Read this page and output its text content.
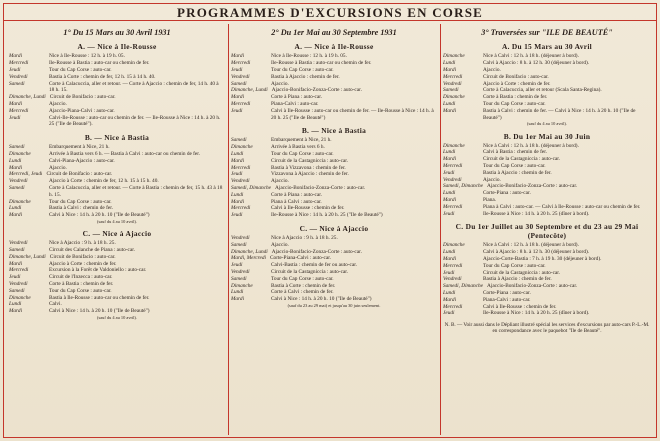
PROGRAMMES D'EXCURSIONS EN CORSE
1° Du 15 Mars au 30 Avril 1931
A. — Nice à Ile-Rousse
Mardi	Nice à Ile-Rousse : 12 h. à 19 h. 05.
Mercredi	Ile-Rousse à Bastia : auto-car ou chemin de fer.
Jeudi	Tour du Cap Corse : auto-car.
Vendredi	Bastia à Corte : chemin de fer, 12 h. 15 à 14 h. 40.
Samedi	Corte à Calacuccia, aller et retour. — Corte à Ajaccio : chemin de fer, 14 h. 40 à 18 h. 15.
Dimanche, Lundi Circuit de Bonifacio : auto-car.
Mardi	Ajaccio.
Mercredi	Ajaccio-Piana-Calvi : auto-car.
Jeudi	Calvi-Ile-Rousse : auto-car ou chemin de fer. — Ile-Rousse à Nice : 14 h. à 20 h. 25 ("Ile de Beauté").
B. — Nice à Bastia
Samedi	Embarquement à Nice, 21 h.
Dimanche	Arrivée à Bastia vers 6 h. — Bastia à Calvi : auto-car ou chemin de fer.
Lundi	Calvi-Piana-Ajaccio : auto-car.
Mardi	Ajaccio.
Mercredi, Jeudi Circuit de Bonifacio : auto-car.
Vendredi	Ajaccio à Corte : chemin de fer, 12 h. 15 à 15 h. 40.
Samedi	Corte à Calacuccia, aller et retour. — Corte à Bastia : chemin de fer, 15 h. 43 à 18 h. 15.
Dimanche	Tour du Cap Corse : auto-car.
Lundi	Bastia à Calvi : chemin de fer.
Mardi	Calvi à Nice : 14 h. à 20 h. 10 ("Ile de Beauté")
(sauf du 4 au 10 avril).
C. — Nice à Ajaccio
Vendredi	Nice à Ajaccio : 9 h. à 18 h. 25.
Samedi	Circuit des Calanche de Piana : auto-car.
Dimanche, Lundi Circuit de Bonifacio : auto-car.
Mardi	Ajaccio à Corte : chemin de fer.
Mercredi	Excursion à la Forêt de Valdoniello : auto-car.
Jeudi	Circuit de l'Inzecca : auto-car.
Vendredi	Corte à Bastia : chemin de fer.
Samedi	Tour du Cap Corse : auto-car.
Dimanche	Bastia à Ile-Rousse : auto-car ou chemin de fer.
Lundi	Calvi.
Mardi	Calvi à Nice : 14 h. à 20 h. 10 ("Ile de Beauté")
(sauf du 4 au 10 avril).
2° Du 1er Mai au 30 Septembre 1931
A. — Nice à Ile-Rousse
Mardi	Nice à Ile-Rousse : 12 h. à 19 h. 05.
Mercredi	Ile-Rousse à Bastia : auto-car ou chemin de fer.
Jeudi	Tour du Cap Corse : auto-car.
Vendredi	Bastia à Ajaccio : chemin de fer.
Samedi	Ajaccio.
Dimanche, Lundi Ajaccio-Bonifacio-Zonza-Corte : auto-car.
Mardi	Corte à Piana : auto-car.
Mercredi	Piana-Calvi : auto-car.
Jeudi	Calvi à Ile-Rousse : auto-car ou chemin de fer. — Ile-Rousse à Nice : 14 h. à 20 h. 25 ("Ile de Beauté")
B. — Nice à Bastia
Samedi	Embarquement à Nice, 21 h.
Dimanche	Arrivée à Bastia vers 6 h.
Lundi	Tour du Cap Corse : auto-car.
Mardi	Circuit de la Castagniccia : auto-car.
Mercredi	Bastia à Vizzavona : chemin de fer.
Jeudi	Vizzavona à Ajaccio : chemin de fer.
Vendredi	Ajaccio.
Samedi, Dimanche Ajaccio-Bonifacio-Zonza-Corte : auto-car.
Lundi	Corte à Piana : auto-car.
Mardi	Piana à Calvi : auto-car.
Mercredi	Calvi à Ile-Rousse : chemin de fer.
Jeudi	Ile-Rousse à Nice : 14 h. à 20 h. 25 ("Ile de Beauté")
C. — Nice à Ajaccio
Vendredi	Nice à Ajaccio : 9 h. à 18 h. 25.
Samedi	Ajaccio.
Dimanche, Lundi Ajaccio-Bonifacio-Zonza-Corte : auto-car.
Mardi, Mercredi Corte-Piana-Calvi : auto-car.
Jeudi	Calvi-Bastia : chemin de fer ou auto-car.
Vendredi	Circuit de la Castagniccia : auto-car.
Samedi	Tour du Cap Corse : auto-car.
Dimanche	Bastia à Corte : chemin de fer.
Lundi	Corte à Calvi : chemin de fer.
Mardi	Calvi à Nice : 14 h. à 20 h. 10 ("Ile de Beauté")
(sauf du 23 au 29 mai) et jusqu'au 30 juin seulement.
3° Traversées sur "ILE DE BEAUTÉ"
A. Du 15 Mars au 30 Avril
Dimanche	Nice à Calvi : 12 h. à 18 h. (déjeuner à bord).
Lundi	Calvi à Ajaccio : 8 h. à 12 h. 30 (déjeuner à bord).
Mardi	Ajaccio.
Mercredi	Circuit de Bonifacio : auto-car.
Vendredi	Ajaccio à Corte : chemin de fer.
Samedi	Corte à Calacuccia, aller et retour (Scala Santa-Regina).
Dimanche	Corte à Bastia : chemin de fer.
Lundi	Tour du Cap Corse : auto-car.
Mardi	Bastia à Calvi : chemin de fer. — Calvi à Nice : 14 h. à 20 h. 10 ("Ile de Beauté")
(sauf du 4 au 10 avril).
B. Du 1er Mai au 30 Juin
Dimanche	Nice à Calvi : 12 h. à 18 h. (déjeuner à bord).
Lundi	Calvi à Bastia : chemin de fer.
Mardi	Circuit de la Castagniccia : auto-car.
Mercredi	Tour du Cap Corse : auto-car.
Jeudi	Bastia à Ajaccio : chemin de fer.
Vendredi	Ajaccio.
Samedi, Dimanche Ajaccio-Bonifacio-Zonza-Corte : auto-car.
Lundi	Corte-Piana : auto-car.
Mardi	Piana.
Mercredi	Piana à Calvi : auto-car. — Calvi à Ile-Rousse : auto-car ou chemin de fer.
Jeudi	Ile-Rousse à Nice : 14 h. à 20 h. 25 (dîner à bord).
C. Du 1er Juillet au 30 Septembre et du 23 au 29 Mai (Pentecôte)
Dimanche	Nice à Calvi : 12 h. à 18 h. (déjeuner à bord).
Lundi	Calvi à Ajaccio : 8 h. à 12 h. 30 (déjeuner à bord).
Mardi	Ajaccio-Corte-Bastia : 7 h. à 19 h. 30 (déjeuner à bord).
Mercredi	Tour du Cap Corse : auto-car.
Jeudi	Circuit de la Castagniccia : auto-car.
Vendredi	Bastia à Ajaccio : chemin de fer.
Samedi, Dimanche Ajaccio-Bonifacio-Zonza-Corte : auto-car.
Lundi	Corte-Piana : auto-car.
Mardi	Piana-Calvi : auto-car.
Mercredi	Calvi à Ile-Rousse : chemin de fer.
Jeudi	Ile-Rousse à Nice : 14 h. à 20 h. 25 (dîner à bord).
N. B. — Voir aussi dans le Dépliant illustré spécial les services d'excursions par auto-cars P.-L.-M. en correspondance avec le paquebot "Ile de Beauté".
